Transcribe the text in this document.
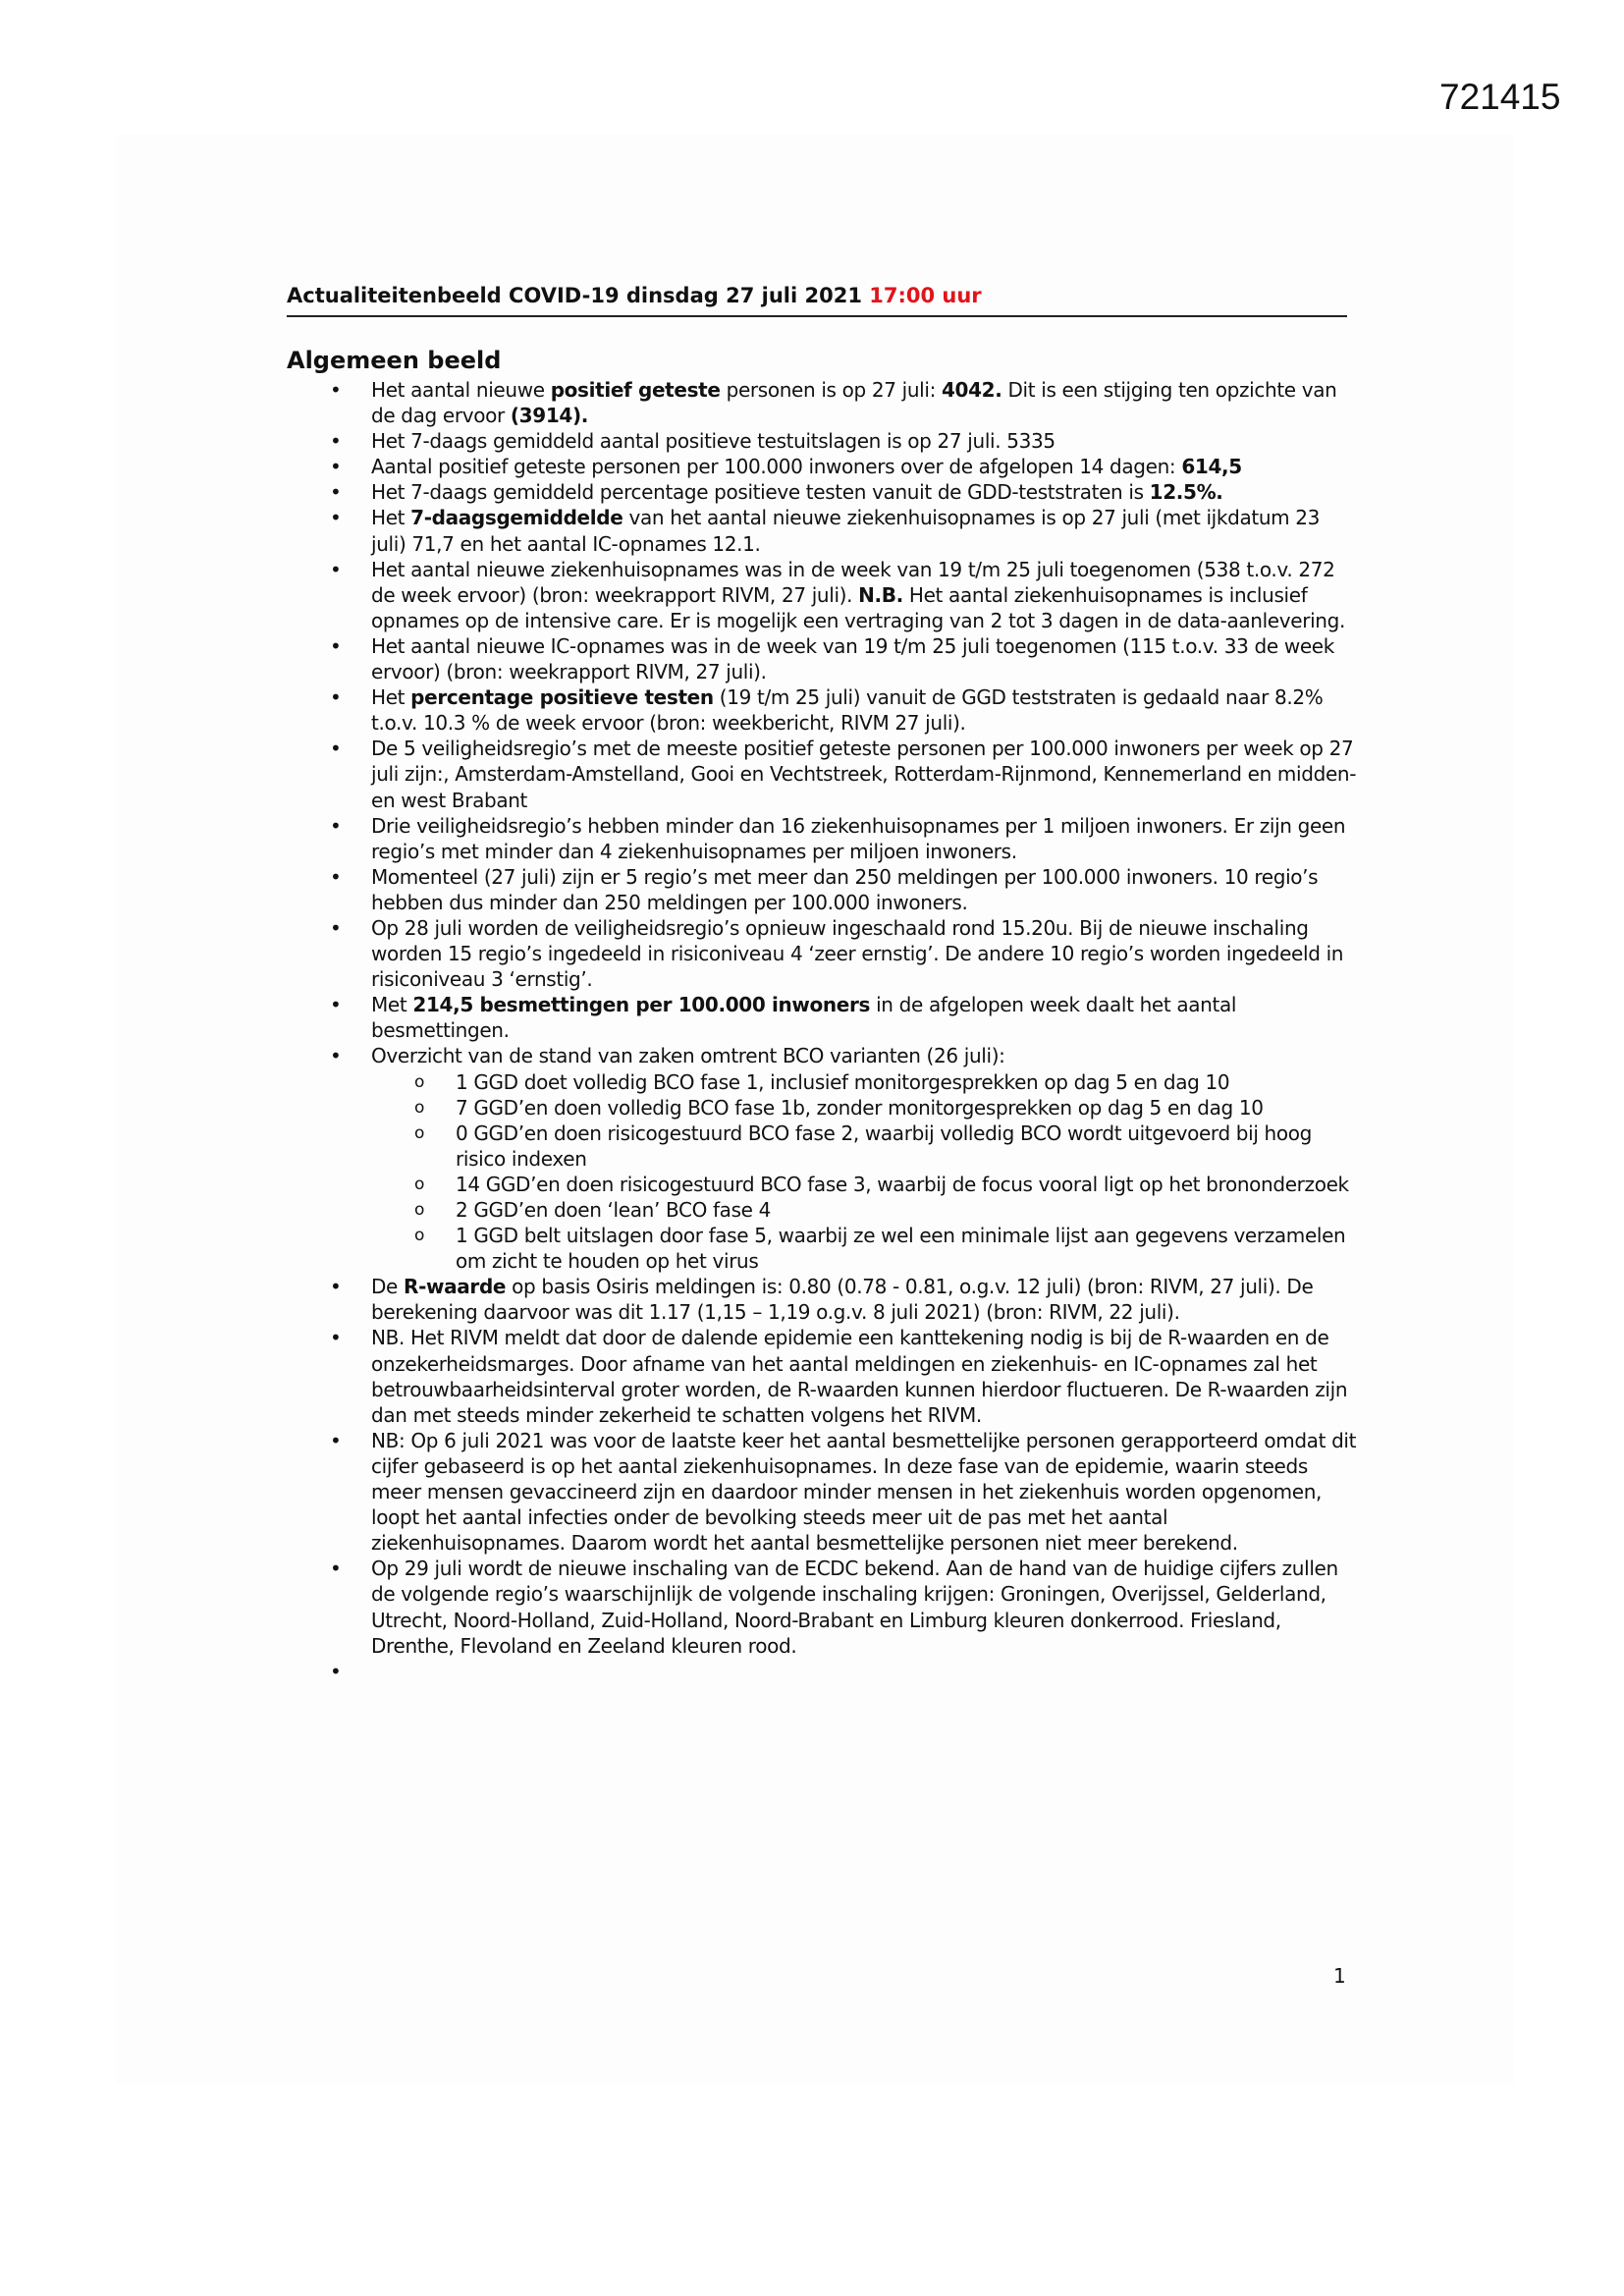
721415
Actualiteitenbeeld COVID-19 dinsdag 27 juli 2021 17:00 uur
Algemeen beeld
• Het aantal nieuwe positief geteste personen is op 27 juli: 4042. Dit is een stijging ten opzichte van de dag ervoor (3914).
• Het 7-daags gemiddeld aantal positieve testuitslagen is op 27 juli. 5335
• Aantal positief geteste personen per 100.000 inwoners over de afgelopen 14 dagen: 614,5
• Het 7-daags gemiddeld percentage positieve testen vanuit de GDD-teststraten is 12.5%.
• Het 7-daagsgemiddelde van het aantal nieuwe ziekenhuisopnames is op 27 juli (met ijkdatum 23 juli) 71,7 en het aantal IC-opnames 12.1.
• Het aantal nieuwe ziekenhuisopnames was in de week van 19 t/m 25 juli toegenomen (538 t.o.v. 272 de week ervoor) (bron: weekrapport RIVM, 27 juli). N.B. Het aantal ziekenhuisopnames is inclusief opnames op de intensive care. Er is mogelijk een vertraging van 2 tot 3 dagen in de data-aanlevering.
• Het aantal nieuwe IC-opnames was in de week van 19 t/m 25 juli toegenomen (115 t.o.v. 33 de week ervoor) (bron: weekrapport RIVM, 27 juli).
• Het percentage positieve testen (19 t/m 25 juli) vanuit de GGD teststraten is gedaald naar 8.2% t.o.v. 10.3 % de week ervoor (bron: weekbericht, RIVM 27 juli).
• De 5 veiligheidsregio’s met de meeste positief geteste personen per 100.000 inwoners per week op 27 juli zijn:, Amsterdam-Amstelland, Gooi en Vechtstreek, Rotterdam-Rijnmond, Kennemerland en midden- en west Brabant
• Drie veiligheidsregio’s hebben minder dan 16 ziekenhuisopnames per 1 miljoen inwoners. Er zijn geen regio’s met minder dan 4 ziekenhuisopnames per miljoen inwoners.
• Momenteel (27 juli) zijn er 5 regio’s met meer dan 250 meldingen per 100.000 inwoners. 10 regio’s hebben dus minder dan 250 meldingen per 100.000 inwoners.
• Op 28 juli worden de veiligheidsregio’s opnieuw ingeschaald rond 15.20u. Bij de nieuwe inschaling worden 15 regio’s ingedeeld in risiconiveau 4 ‘zeer ernstig’. De andere 10 regio’s worden ingedeeld in risiconiveau 3 ‘ernstig’.
• Met 214,5 besmettingen per 100.000 inwoners in de afgelopen week daalt het aantal besmettingen.
• Overzicht van de stand van zaken omtrent BCO varianten (26 juli):
o 1 GGD doet volledig BCO fase 1, inclusief monitorgesprekken op dag 5 en dag 10
o 7 GGD’en doen volledig BCO fase 1b, zonder monitorgesprekken op dag 5 en dag 10
o 0 GGD’en doen risicogestuurd BCO fase 2, waarbij volledig BCO wordt uitgevoerd bij hoog risico indexen
o 14 GGD’en doen risicogestuurd BCO fase 3, waarbij de focus vooral ligt op het brononderzoek
o 2 GGD’en doen ‘lean’ BCO fase 4
o 1 GGD belt uitslagen door fase 5, waarbij ze wel een minimale lijst aan gegevens verzamelen om zicht te houden op het virus
• De R-waarde op basis Osiris meldingen is: 0.80 (0.78 - 0.81, o.g.v. 12 juli) (bron: RIVM, 27 juli). De berekening daarvoor was dit 1.17 (1,15 – 1,19 o.g.v. 8 juli 2021) (bron: RIVM, 22 juli).
• NB. Het RIVM meldt dat door de dalende epidemie een kanttekening nodig is bij de R-waarden en de onzekerheidsmarges. Door afname van het aantal meldingen en ziekenhuis- en IC-opnames zal het betrouwbaarheidsinterval groter worden, de R-waarden kunnen hierdoor fluctueren. De R-waarden zijn dan met steeds minder zekerheid te schatten volgens het RIVM.
• NB: Op 6 juli 2021 was voor de laatste keer het aantal besmettelijke personen gerapporteerd omdat dit cijfer gebaseerd is op het aantal ziekenhuisopnames. In deze fase van de epidemie, waarin steeds meer mensen gevaccineerd zijn en daardoor minder mensen in het ziekenhuis worden opgenomen, loopt het aantal infecties onder de bevolking steeds meer uit de pas met het aantal ziekenhuisopnames. Daarom wordt het aantal besmettelijke personen niet meer berekend.
• Op 29 juli wordt de nieuwe inschaling van de ECDC bekend. Aan de hand van de huidige cijfers zullen de volgende regio’s waarschijnlijk de volgende inschaling krijgen: Groningen, Overijssel, Gelderland, Utrecht, Noord-Holland, Zuid-Holland, Noord-Brabant en Limburg kleuren donkerrood. Friesland, Drenthe, Flevoland en Zeeland kleuren rood.
•
1
